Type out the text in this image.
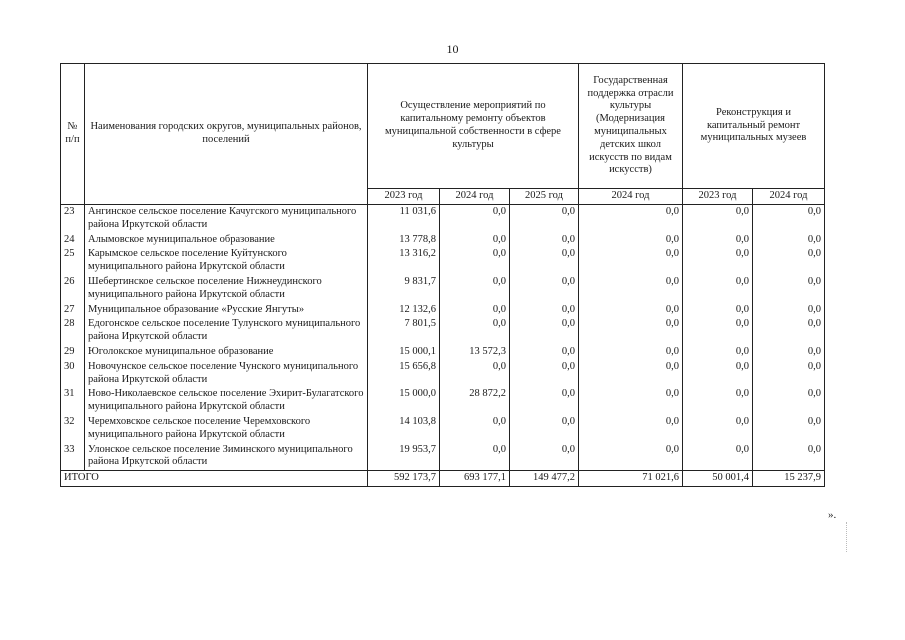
10
№ п/п	Наименования городских округов, муниципальных районов, поселений	Осуществление мероприятий по капитальному ремонту объектов муниципальной собственности в сфере культуры			Государственная поддержка отрасли культуры (Модернизация муниципальных детских школ искусств по видам искусств)	Реконструкция и капитальный ремонт муниципальных музеев	
		2023 год	2024 год	2025 год	2024 год	2023 год	2024 год
23	Ангинское сельское поселение Качугского муниципального района Иркутской области	11 031,6	0,0	0,0	0,0	0,0	0,0
24	Алымовское муниципальное образование	13 778,8	0,0	0,0	0,0	0,0	0,0
25	Карымское сельское поселение Куйтунского муниципального района Иркутской области	13 316,2	0,0	0,0	0,0	0,0	0,0
26	Шебертинское сельское поселение Нижнеудинского муниципального района Иркутской области	9 831,7	0,0	0,0	0,0	0,0	0,0
27	Муниципальное образование «Русские Янгуты»	12 132,6	0,0	0,0	0,0	0,0	0,0
28	Едогонское сельское поселение Тулунского муниципального района Иркутской области	7 801,5	0,0	0,0	0,0	0,0	0,0
29	Юголокское муниципальное образование	15 000,1	13 572,3	0,0	0,0	0,0	0,0
30	Новочунское сельское поселение Чунского муниципального района Иркутской области	15 656,8	0,0	0,0	0,0	0,0	0,0
31	Ново-Николаевское сельское поселение Эхирит-Булагатского муниципального района Иркутской области	15 000,0	28 872,2	0,0	0,0	0,0	0,0
32	Черемховское сельское поселение Черемховского муниципального района Иркутской области	14 103,8	0,0	0,0	0,0	0,0	0,0
33	Улонское сельское поселение Зиминского муниципального района Иркутской области	19 953,7	0,0	0,0	0,0	0,0	0,0
ИТОГО		592 173,7	693 177,1	149 477,2	71 021,6	50 001,4	15 237,9
».
